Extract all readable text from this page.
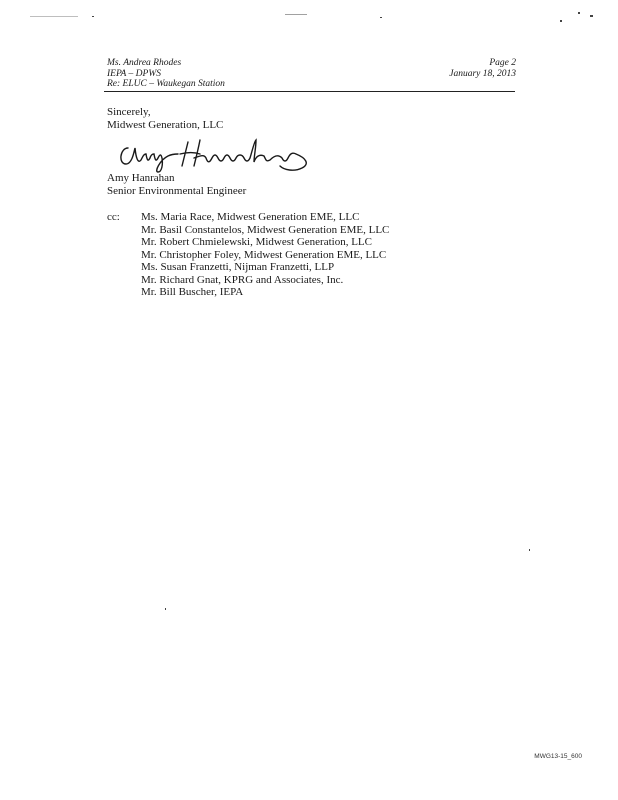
Ms. Andrea Rhodes
IEPA – DPWS
Re: ELUC – Waukegan Station
Page 2
January 18, 2013
Sincerely,
Midwest Generation, LLC
Amy Hanrahan
Senior Environmental Engineer
cc: Ms. Maria Race, Midwest Generation EME, LLC
Mr. Basil Constantelos, Midwest Generation EME, LLC
Mr. Robert Chmielewski, Midwest Generation, LLC
Mr. Christopher Foley, Midwest Generation EME, LLC
Ms. Susan Franzetti, Nijman Franzetti, LLP
Mr. Richard Gnat, KPRG and Associates, Inc.
Mr. Bill Buscher, IEPA
MWG13-15_600
